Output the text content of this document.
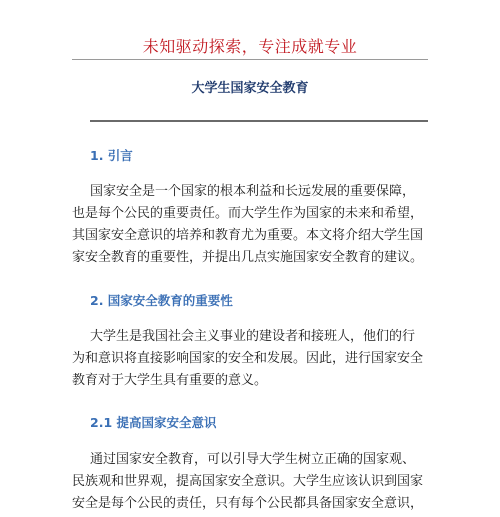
未知驱动探索，专注成就专业
大学生国家安全教育
1. 引言
国家安全是一个国家的根本利益和长远发展的重要保障，
也是每个公民的重要责任。而大学生作为国家的未来和希望，
其国家安全意识的培养和教育尤为重要。本文将介绍大学生国
家安全教育的重要性，并提出几点实施国家安全教育的建议。
2. 国家安全教育的重要性
大学生是我国社会主义事业的建设者和接班人，他们的行
为和意识将直接影响国家的安全和发展。因此，进行国家安全
教育对于大学生具有重要的意义。
2.1 提高国家安全意识
通过国家安全教育，可以引导大学生树立正确的国家观、
民族观和世界观，提高国家安全意识。大学生应该认识到国家
安全是每个公民的责任，只有每个公民都具备国家安全意识，
